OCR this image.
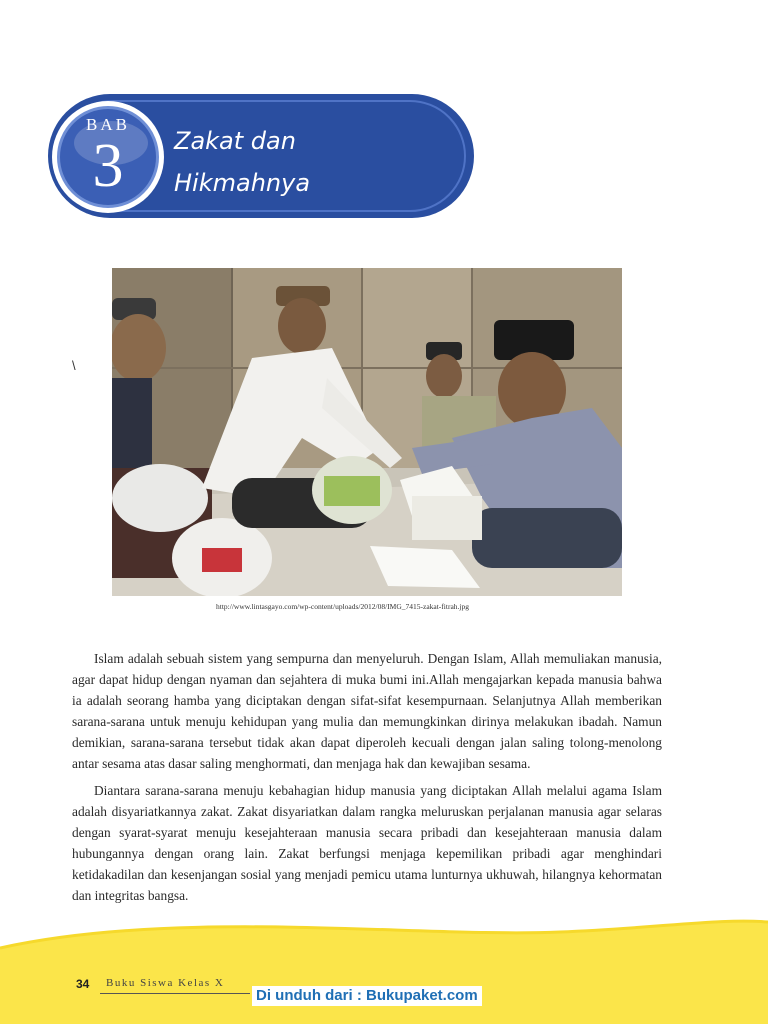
BAB
3	Zakat dan
Hikmahnya
\
http://www.lintasgayo.com/wp-content/uploads/2012/08/IMG_7415-zakat-fitrah.jpg

Islam adalah sebuah sistem yang sempurna dan menyeluruh. Dengan Islam, Allah memuliakan manusia, agar dapat hidup dengan nyaman dan sejahtera di muka bumi ini.Allah mengajarkan kepada manusia bahwa ia adalah seorang hamba yang diciptakan dengan sifat-sifat kesempurnaan. Selanjutnya Allah memberikan sarana-sarana untuk menuju kehidupan yang mulia dan memungkinkan dirinya melakukan ibadah. Namun demikian, sarana-sarana tersebut tidak akan dapat diperoleh kecuali dengan jalan saling tolong-menolong antar sesama atas dasar saling menghormati, dan menjaga hak dan kewajiban sesama.

Diantara sarana-sarana menuju kebahagian hidup manusia yang diciptakan Allah melalui agama Islam adalah disyariatkannya zakat. Zakat disyariatkan dalam rangka meluruskan perjalanan manusia agar selaras dengan syarat-syarat menuju kesejahteraan manusia secara pribadi dan kesejahteraan manusia dalam hubungannya dengan orang lain. Zakat berfungsi menjaga kepemilikan pribadi agar menghindari ketidakadilan dan kesenjangan sosial yang menjadi pemicu utama lunturnya ukhuwah, hilangnya kehormatan dan integritas bangsa.

34 Buku Siswa Kelas X
Di unduh dari : Bukupaket.com
